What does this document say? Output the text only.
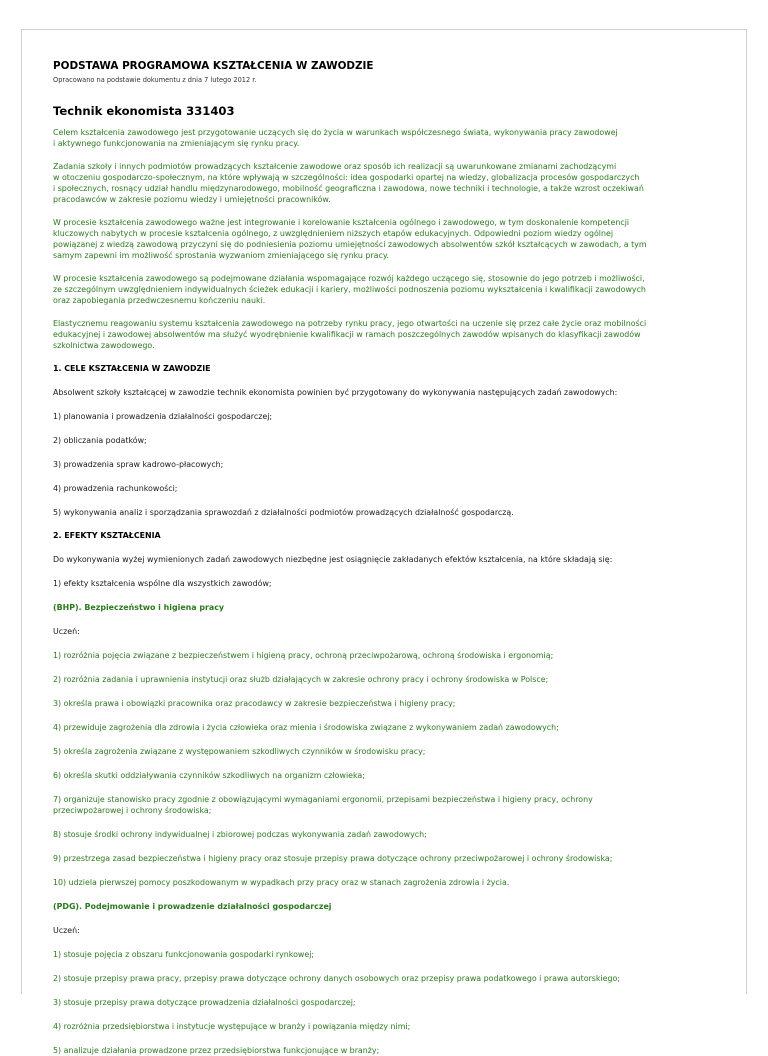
PODSTAWA PROGRAMOWA KSZTAŁCENIA W ZAWODZIE
Opracowano na podstawie dokumentu z dnia 7 lutego 2012 r.
Technik ekonomista 331403
Celem kształcenia zawodowego jest przygotowanie uczących się do życia w warunkach współczesnego świata, wykonywania pracy zawodowej
i aktywnego funkcjonowania na zmieniającym się rynku pracy.
Zadania szkoły i innych podmiotów prowadzących kształcenie zawodowe oraz sposób ich realizacji są uwarunkowane zmianami zachodzącymi
w otoczeniu gospodarczo-społecznym, na które wpływają w szczególności: idea gospodarki opartej na wiedzy, globalizacja procesów gospodarczych
i społecznych, rosnący udział handlu międzynarodowego, mobilność geograficzna i zawodowa, nowe techniki i technologie, a także wzrost oczekiwań
pracodawców w zakresie poziomu wiedzy i umiejętności pracowników.
W procesie kształcenia zawodowego ważne jest integrowanie i korelowanie kształcenia ogólnego i zawodowego, w tym doskonalenie kompetencji
kluczowych nabytych w procesie kształcenia ogólnego, z uwzględnieniem niższych etapów edukacyjnych. Odpowiedni poziom wiedzy ogólnej
powiązanej z wiedzą zawodową przyczyni się do podniesienia poziomu umiejętności zawodowych absolwentów szkół kształcących w zawodach, a tym
samym zapewni im możliwość sprostania wyzwaniom zmieniającego się rynku pracy.
W procesie kształcenia zawodowego są podejmowane działania wspomagające rozwój każdego uczącego się, stosownie do jego potrzeb i możliwości,
ze szczególnym uwzględnieniem indywidualnych ścieżek edukacji i kariery, możliwości podnoszenia poziomu wykształcenia i kwalifikacji zawodowych
oraz zapobiegania przedwczesnemu kończeniu nauki.
Elastycznemu reagowaniu systemu kształcenia zawodowego na potrzeby rynku pracy, jego otwartości na uczenie się przez całe życie oraz mobilności
edukacyjnej i zawodowej absolwentów ma służyć wyodrębnienie kwalifikacji w ramach poszczególnych zawodów wpisanych do klasyfikacji zawodów
szkolnictwa zawodowego.
1. CELE KSZTAŁCENIA W ZAWODZIE
Absolwent szkoły kształcącej w zawodzie technik ekonomista powinien być przygotowany do wykonywania następujących zadań zawodowych:
1) planowania i prowadzenia działalności gospodarczej;
2) obliczania podatków;
3) prowadzenia spraw kadrowo-płacowych;
4) prowadzenia rachunkowości;
5) wykonywania analiz i sporządzania sprawozdań z działalności podmiotów prowadzących działalność gospodarczą.
2. EFEKTY KSZTAŁCENIA
Do wykonywania wyżej wymienionych zadań zawodowych niezbędne jest osiągnięcie zakładanych efektów kształcenia, na które składają się:
1) efekty kształcenia wspólne dla wszystkich zawodów;
(BHP). Bezpieczeństwo i higiena pracy
Uczeń:
1) rozróżnia pojęcia związane z bezpieczeństwem i higieną pracy, ochroną przeciwpożarową, ochroną środowiska i ergonomią;
2) rozróżnia zadania i uprawnienia instytucji oraz służb działających w zakresie ochrony pracy i ochrony środowiska w Polsce;
3) określa prawa i obowiązki pracownika oraz pracodawcy w zakresie bezpieczeństwa i higieny pracy;
4) przewiduje zagrożenia dla zdrowia i życia człowieka oraz mienia i środowiska związane z wykonywaniem zadań zawodowych;
5) określa zagrożenia związane z występowaniem szkodliwych czynników w środowisku pracy;
6) określa skutki oddziaływania czynników szkodliwych na organizm człowieka;
7) organizuje stanowisko pracy zgodnie z obowiązującymi wymaganiami ergonomii, przepisami bezpieczeństwa i higieny pracy, ochrony
przeciwpożarowej i ochrony środowiska;
8) stosuje środki ochrony indywidualnej i zbiorowej podczas wykonywania zadań zawodowych;
9) przestrzega zasad bezpieczeństwa i higieny pracy oraz stosuje przepisy prawa dotyczące ochrony przeciwpożarowej i ochrony środowiska;
10) udziela pierwszej pomocy poszkodowanym w wypadkach przy pracy oraz w stanach zagrożenia zdrowia i życia.
(PDG). Podejmowanie i prowadzenie działalności gospodarczej
Uczeń:
1) stosuje pojęcia z obszaru funkcjonowania gospodarki rynkowej;
2) stosuje przepisy prawa pracy, przepisy prawa dotyczące ochrony danych osobowych oraz przepisy prawa podatkowego i prawa autorskiego;
3) stosuje przepisy prawa dotyczące prowadzenia działalności gospodarczej;
4) rozróżnia przedsiębiorstwa i instytucje występujące w branży i powiązania między nimi;
5) analizuje działania prowadzone przez przedsiębiorstwa funkcjonujące w branży;
